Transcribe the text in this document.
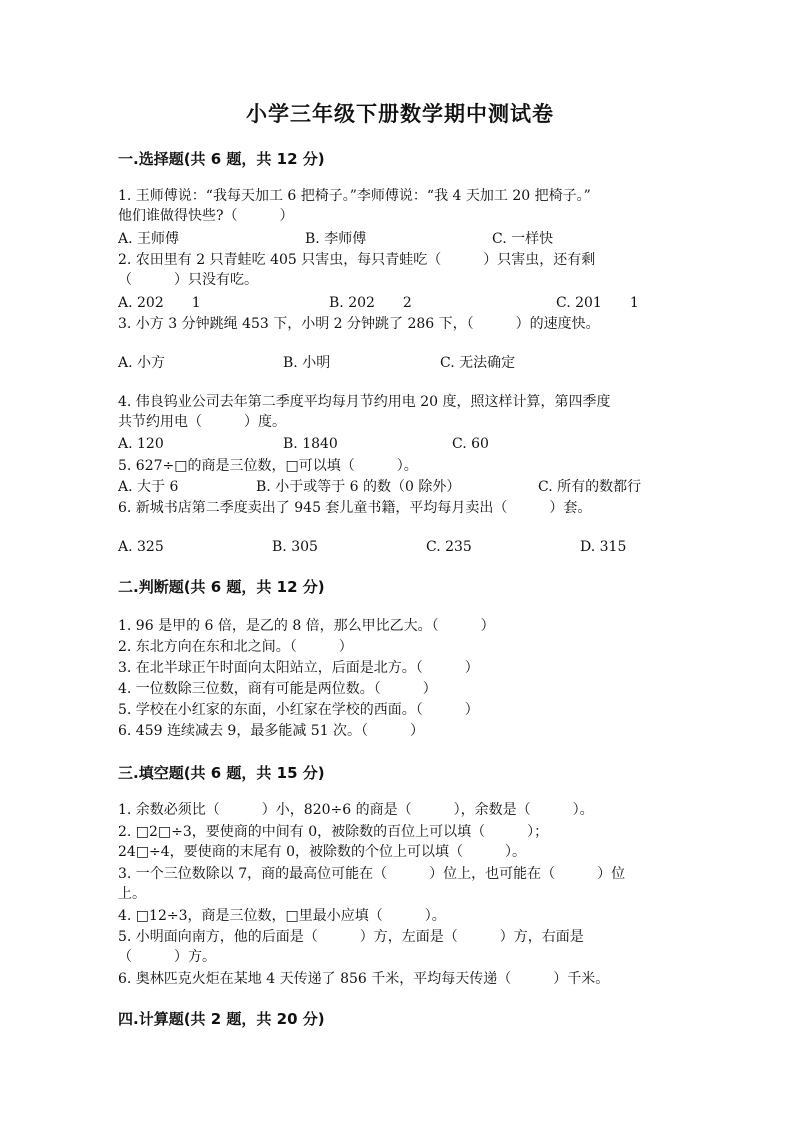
小学三年级下册数学期中测试卷
一.选择题(共 6 题，共 12 分)
1. 王师傅说：“我每天加工 6 把椅子。”李师傅说：“我 4 天加工 20 把椅子。”
他们谁做得快些?（　　　）
A. 王师傅	B. 李师傅	C. 一样快
2. 农田里有 2 只青蛙吃 405 只害虫，每只青蛙吃（　　　）只害虫，还有剩
（　　　）只没有吃。
A. 202　　1	B. 202　　2	C. 201　　1
3. 小方 3 分钟跳绳 453 下，小明 2 分钟跳了 286 下，（　　　）的速度快。
A. 小方	B. 小明	C. 无法确定
4. 伟良钨业公司去年第二季度平均每月节约用电 20 度，照这样计算，第四季度
共节约用电（　　　）度。
A. 120	B. 1840	C. 60
5. 627÷□的商是三位数，□可以填（　　　）。
A. 大于 6	B. 小于或等于 6 的数（0 除外）	C. 所有的数都行
6. 新城书店第二季度卖出了 945 套儿童书籍，平均每月卖出（　　　）套。
A. 325	B. 305	C. 235	D. 315
二.判断题(共 6 题，共 12 分)
1. 96 是甲的 6 倍，是乙的 8 倍，那么甲比乙大。（　　　）
2. 东北方向在东和北之间。（　　　）
3. 在北半球正午时面向太阳站立，后面是北方。（　　　）
4. 一位数除三位数，商有可能是两位数。（　　　）
5. 学校在小红家的东面，小红家在学校的西面。（　　　）
6. 459 连续减去 9，最多能减 51 次。（　　　）
三.填空题(共 6 题，共 15 分)
1. 余数必须比（　　　）小，820÷6 的商是（　　　），余数是（　　　）。
2. □2□÷3，要使商的中间有 0，被除数的百位上可以填（　　　）；
24□÷4，要使商的末尾有 0，被除数的个位上可以填（　　　）。
3. 一个三位数除以 7，商的最高位可能在（　　　）位上，也可能在（　　　）位
上。
4. □12÷3，商是三位数，□里最小应填（　　　）。
5. 小明面向南方，他的后面是（　　　）方，左面是（　　　）方，右面是
（　　　）方。
6. 奥林匹克火炬在某地 4 天传递了 856 千米，平均每天传递（　　　）千米。
四.计算题(共 2 题，共 20 分)
